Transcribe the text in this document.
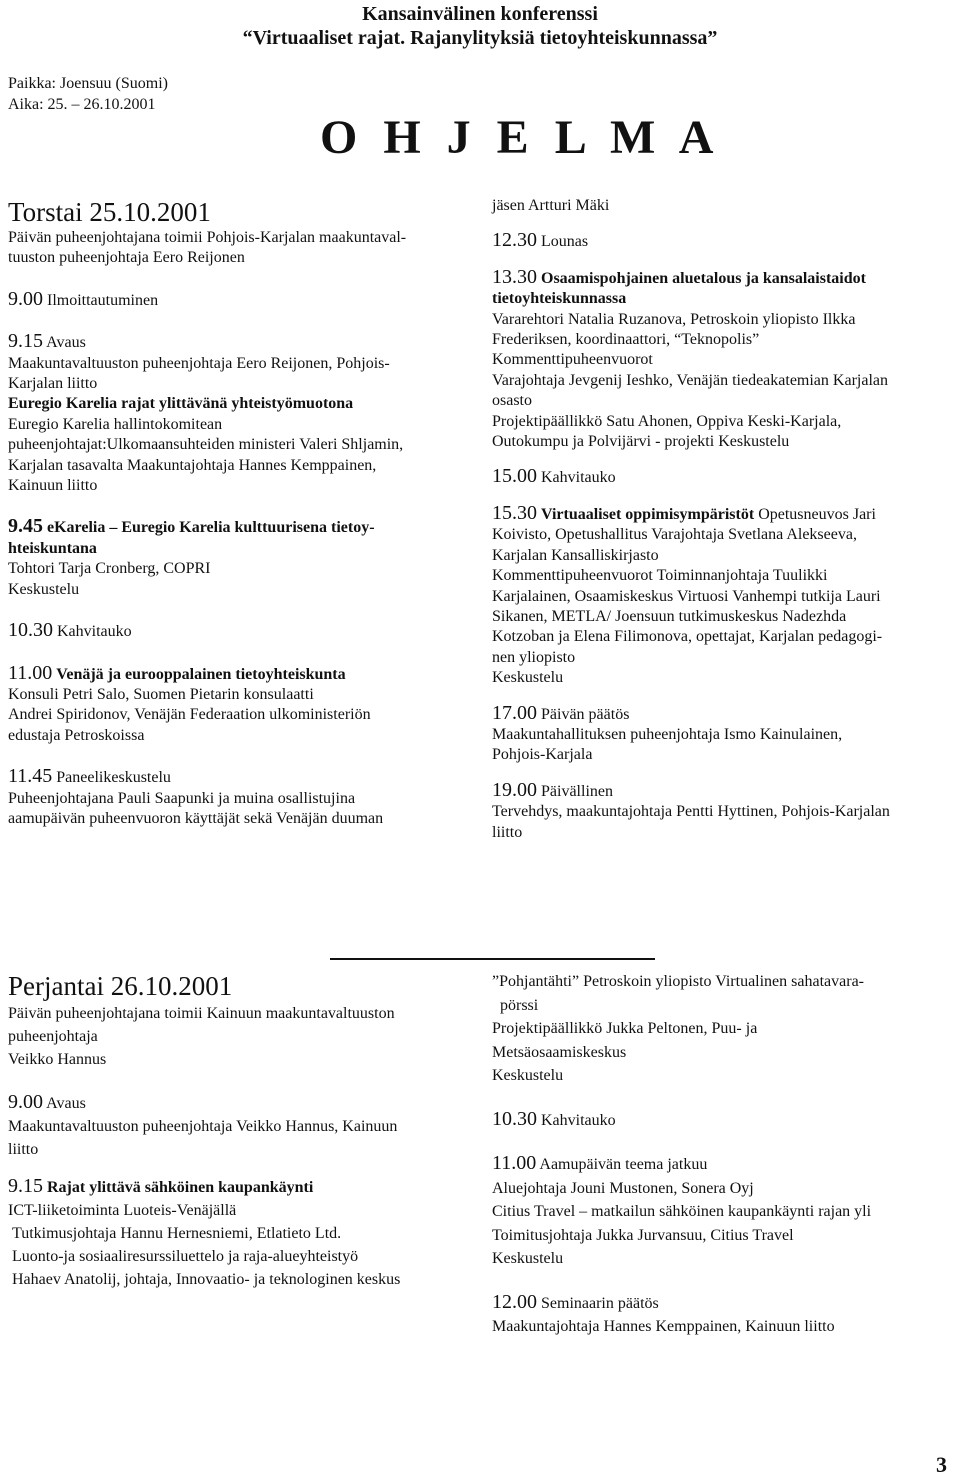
Kansainvälinen konferenssi
“Virtuaaliset rajat. Rajanylityksiä tietoyhteiskunnassa”
Paikka: Joensuu (Suomi)
Aika: 25. – 26.10.2001
O H J E L M A

Torstai 25.10.2001

Päivän puheenjohtajana toimii Pohjois-Karjalan maakuntaval-

tuuston puheenjohtaja Eero Reijonen

9.00 Ilmoittautuminen

9.15 Avaus

Maakuntavaltuuston puheenjohtaja Eero Reijonen, Pohjois-

Karjalan liitto

Euregio Karelia rajat ylittävänä yhteistyömuotona

Euregio Karelia hallintokomitean

puheenjohtajat:Ulkomaansuhteiden ministeri Valeri Shljamin,

Karjalan tasavalta Maakuntajohtaja Hannes Kemppainen,

Kainuun liitto

9.45 eKarelia – Euregio Karelia kulttuurisena tietoy-

hteiskuntana

Tohtori Tarja Cronberg, COPRI

Keskustelu

10.30 Kahvitauko

11.00 Venäjä ja eurooppalainen tietoyhteiskunta

Konsuli Petri Salo, Suomen Pietarin konsulaatti

Andrei Spiridonov, Venäjän Federaation ulkoministeriön

edustaja Petroskoissa

11.45 Paneelikeskustelu

Puheenjohtajana Pauli Saapunki ja muina osallistujina

aamupäivän puheenvuoron käyttäjät sekä Venäjän duuman

jäsen Artturi Mäki

12.30 Lounas

13.30 Osaamispohjainen aluetalous ja kansalaistaidot

tietoyhteiskunnassa

Vararehtori Natalia Ruzanova, Petroskoin yliopisto Ilkka

Frederiksen, koordinaattori, “Teknopolis”

Kommenttipuheenvuorot

Varajohtaja Jevgenij Ieshko, Venäjän tiedeakatemian Karjalan

osasto

Projektipäällikkö Satu Ahonen, Oppiva Keski-Karjala,

Outokumpu ja Polvijärvi - projekti Keskustelu

15.00 Kahvitauko

15.30 Virtuaaliset oppimisympäristöt Opetusneuvos Jari

Koivisto, Opetushallitus Varajohtaja Svetlana Alekseeva,

Karjalan Kansalliskirjasto

Kommenttipuheenvuorot Toiminnanjohtaja Tuulikki

Karjalainen, Osaamiskeskus Virtuosi Vanhempi tutkija Lauri

Sikanen, METLA/ Joensuun tutkimuskeskus Nadezhda

Kotzoban ja Elena Filimonova, opettajat, Karjalan pedagogi-

nen yliopisto

Keskustelu

17.00 Päivän päätös

Maakuntahallituksen puheenjohtaja Ismo Kainulainen,

Pohjois-Karjala

19.00 Päivällinen

Tervehdys, maakuntajohtaja Pentti Hyttinen, Pohjois-Karjalan

liitto

Perjantai 26.10.2001

Päivän puheenjohtajana toimii Kainuun maakuntavaltuuston

puheenjohtaja

Veikko Hannus

9.00 Avaus

Maakuntavaltuuston puheenjohtaja Veikko Hannus, Kainuun

liitto

9.15 Rajat ylittävä sähköinen kaupankäynti

ICT-liiketoiminta Luoteis-Venäjällä

Tutkimusjohtaja Hannu Hernesniemi, Etlatieto Ltd.

Luonto-ja sosiaaliresurssiluettelo ja raja-alueyhteistyö

Hahaev Anatolij, johtaja, Innovaatio- ja teknologinen keskus

”Pohjantähti” Petroskoin yliopisto Virtualinen sahatavara-

pörssi

Projektipäällikkö Jukka Peltonen, Puu- ja

Metsäosaamiskeskus

Keskustelu

10.30 Kahvitauko

11.00 Aamupäivän teema jatkuu

Aluejohtaja Jouni Mustonen, Sonera Oyj

Citius Travel – matkailun sähköinen kaupankäynti rajan yli

Toimitusjohtaja Jukka Jurvansuu, Citius Travel

Keskustelu

12.00 Seminaarin päätös

Maakuntajohtaja Hannes Kemppainen, Kainuun liitto

3
